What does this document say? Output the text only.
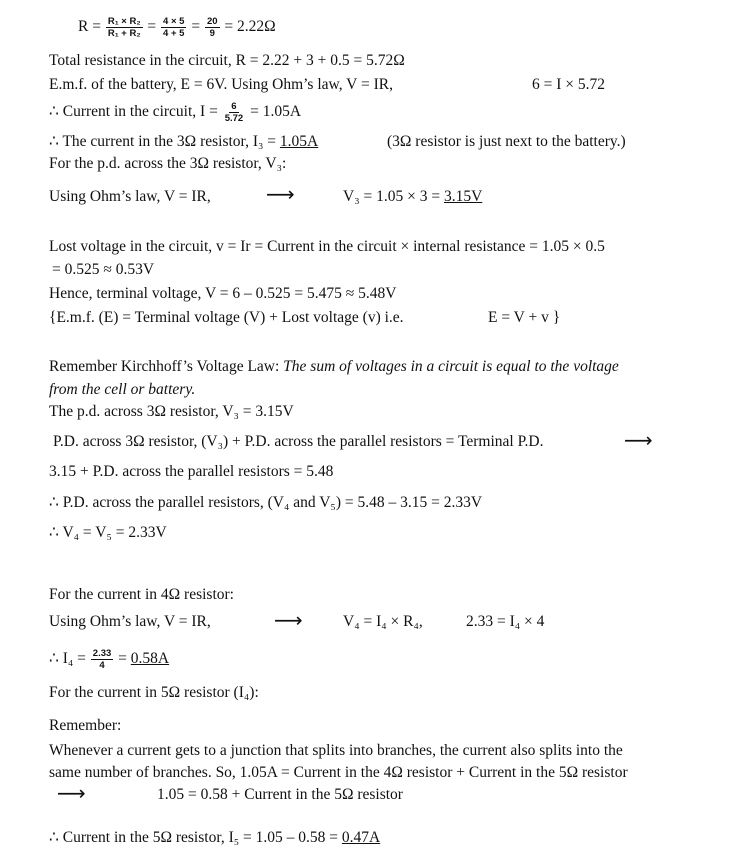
$R = \frac{\text{R₁ × R₂}}{\text{R₁ + R₂}} = \frac{4 \times 5}{4 + 5} = \frac{20}{9} = 2.22\Omega$
Total resistance in the circuit, R = 2.22 + 3 + 0.5 = 5.72Ω
E.m.f. of the battery, E = 6V. Using Ohm’s law, V = IR,	6 = I × 5.72
∴ Current in the circuit, $I = \frac{6}{5.72} = 1.05A$
∴ The current in the 3Ω resistor, I₃ = 1.05A	(3Ω resistor is just next to the battery.)
For the p.d. across the 3Ω resistor, V₃:
Using Ohm’s law, V = IR,	⟶	V₃ = 1.05 × 3 = 3.15V
Lost voltage in the circuit, v = Ir = Current in the circuit × internal resistance = 1.05 × 0.5
= 0.525 ≈ 0.53V
Hence, terminal voltage, V = 6 – 0.525 = 5.475 ≈ 5.48V
{E.m.f. (E) = Terminal voltage (V) + Lost voltage (v) i.e.	E = V + v }
Remember Kirchhoff’s Voltage Law: The sum of voltages in a circuit is equal to the voltage
from the cell or battery.
The p.d. across 3Ω resistor, V₃ = 3.15V
P.D. across 3Ω resistor, (V₃) + P.D. across the parallel resistors = Terminal P.D.	⟶
3.15 + P.D. across the parallel resistors = 5.48
∴ P.D. across the parallel resistors, (V₄ and V₅) = 5.48 – 3.15 = 2.33V
∴ V₄ = V₅ = 2.33V
For the current in 4Ω resistor:
Using Ohm’s law, V = IR,	⟶	V₄ = I₄ × R₄,	2.33 = I₄ × 4
∴ $I_4 = \frac{2.33}{4} = 0.58A$
For the current in 5Ω resistor (I₄):
Remember:
Whenever a current gets to a junction that splits into branches, the current also splits into the
same number of branches. So, 1.05A = Current in the 4Ω resistor + Current in the 5Ω resistor
⟶	1.05 = 0.58 + Current in the 5Ω resistor
∴ Current in the 5Ω resistor, I₅ = 1.05 – 0.58 = 0.47A
